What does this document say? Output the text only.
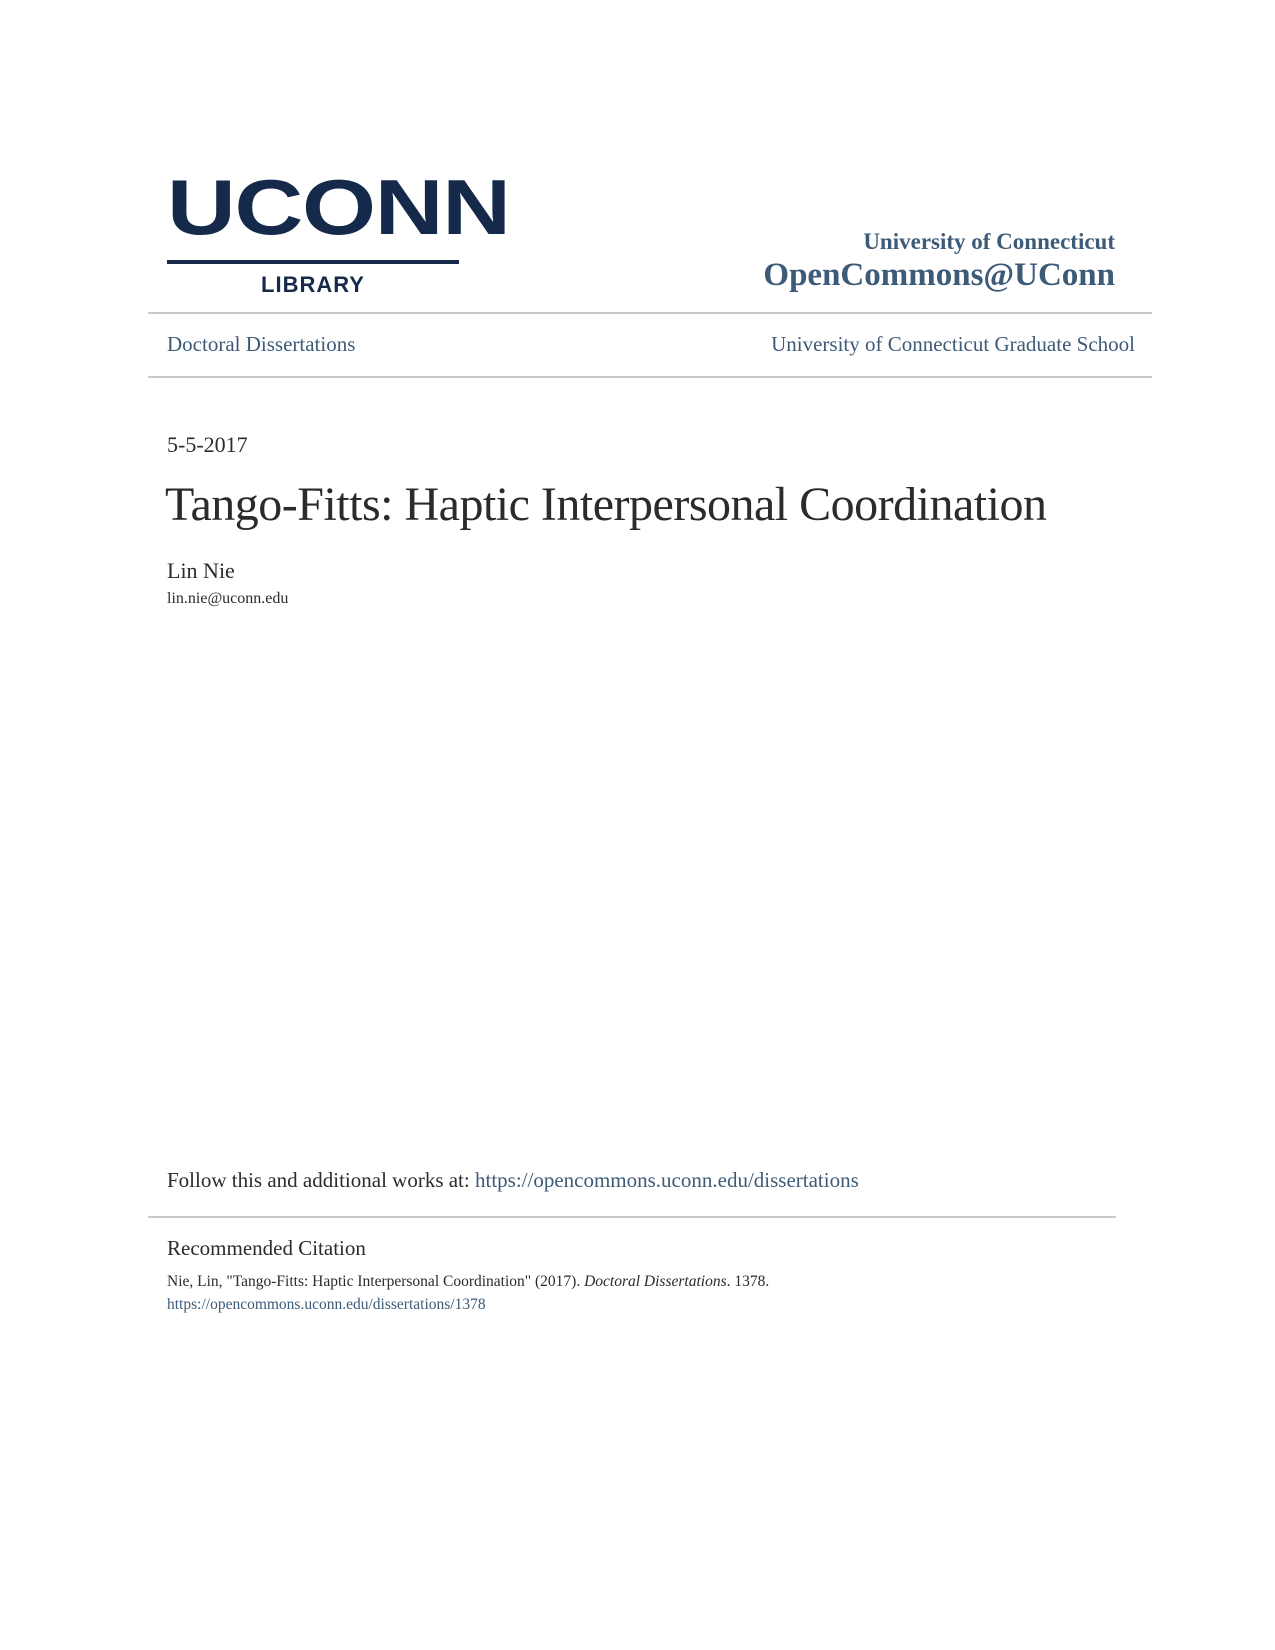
UCONN
LIBRARY
University of Connecticut
OpenCommons@UConn
Doctoral Dissertations	University of Connecticut Graduate School
5-5-2017
Tango-Fitts: Haptic Interpersonal Coordination
Lin Nie
lin.nie@uconn.edu
Follow this and additional works at: https://opencommons.uconn.edu/dissertations
Recommended Citation
Nie, Lin, "Tango-Fitts: Haptic Interpersonal Coordination" (2017). Doctoral Dissertations. 1378.
https://opencommons.uconn.edu/dissertations/1378
